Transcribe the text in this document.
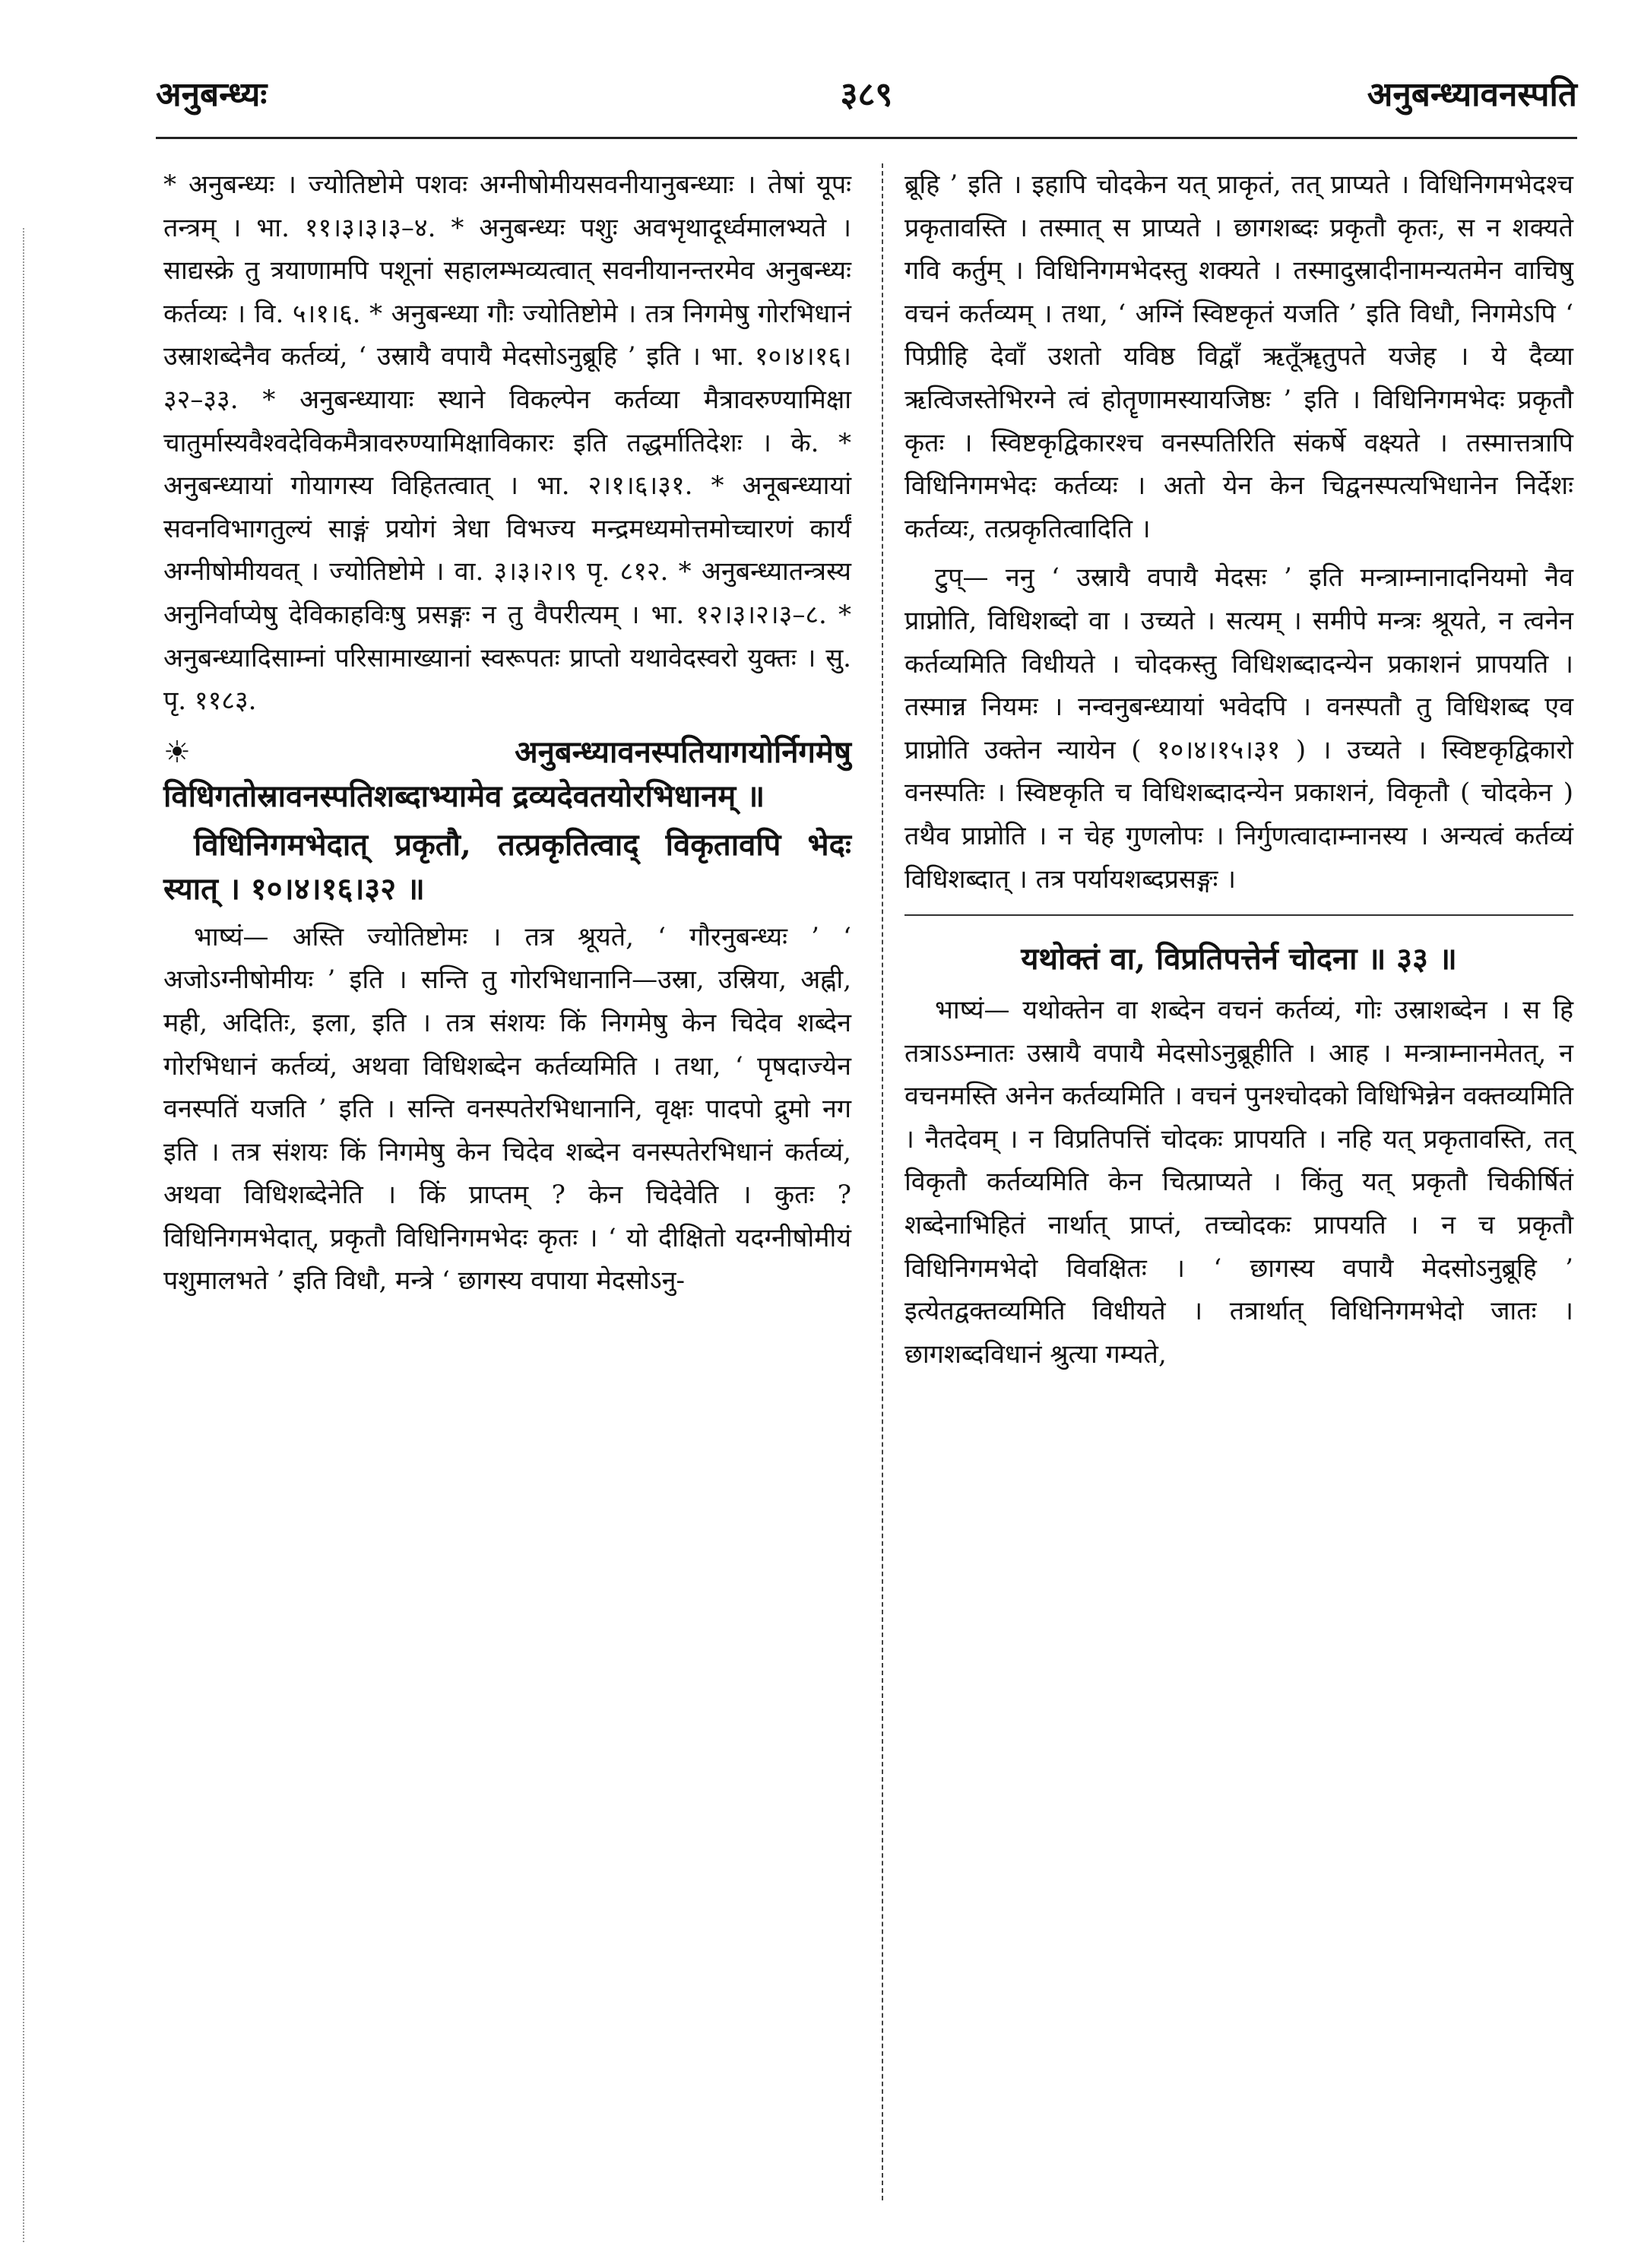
अनुबन्ध्यः	३८९	अनुबन्ध्यावनस्पति

* अनुबन्ध्यः । ज्योतिष्टोमे पशवः अग्नीषोमीयसवनीयानुबन्ध्याः । तेषां यूपः तन्त्रम् । भा. ११।३।३।३–४. * अनुबन्ध्यः पशुः अवभृथादूर्ध्वमालभ्यते । साद्यस्क्रे तु त्रयाणामपि पशूनां सहालम्भव्यत्वात् सवनीयानन्तरमेव अनुबन्ध्यः कर्तव्यः । वि. ५।१।६. * अनुबन्ध्या गौः ज्योतिष्टोमे । तत्र निगमेषु गोरभिधानं उस्राशब्देनैव कर्तव्यं, ‘ उस्रायै वपायै मेदसोऽनुब्रूहि ’ इति । भा. १०।४।१६।३२–३३. * अनुबन्ध्यायाः स्थाने विकल्पेन कर्तव्या मैत्रावरुण्यामिक्षा चातुर्मास्यवैश्वदेविकमैत्रावरुण्यामिक्षाविकारः इति तद्धर्मातिदेशः । के. * अनुबन्ध्यायां गोयागस्य विहितत्वात् । भा. २।१।६।३१. * अनूबन्ध्यायां सवनविभागतुल्यं साङ्गं प्रयोगं त्रेधा विभज्य मन्द्रमध्यमोत्तमोच्चारणं कार्यं अग्नीषोमीयवत् । ज्योतिष्टोमे । वा. ३।३।२।९ पृ. ८१२. * अनुबन्ध्यातन्त्रस्य अनुनिर्वाप्येषु देविकाहविःषु प्रसङ्गः न तु वैपरीत्यम् । भा. १२।३।२।३–८. * अनुबन्ध्यादिसाम्नां परिसामाख्यानां स्वरूपतः प्राप्तो यथावेदस्वरो युक्तः । सु. पृ. ११८३.

☀ अनुबन्ध्यावनस्पतियागयोर्निगमेषु विधिगतोस्रावनस्पतिशब्दाभ्यामेव द्रव्यदेवतयोरभिधानम् ॥
विधिनिगमभेदात् प्रकृतौ, तत्प्रकृतित्वाद् विकृतावपि भेदः स्यात् । १०।४।१६।३२ ॥

भाष्यं— अस्ति ज्योतिष्टोमः । तत्र श्रूयते, ‘ गौरनुबन्ध्यः ’ ‘ अजोऽग्नीषोमीयः ’ इति । सन्ति तु गोरभिधानानि—उस्रा, उस्रिया, अह्नी, मही, अदितिः, इला, इति । तत्र संशयः किं निगमेषु केन चिदेव शब्देन गोरभिधानं कर्तव्यं, अथवा विधिशब्देन कर्तव्यमिति । तथा, ‘ पृषदाज्येन वनस्पतिं यजति ’ इति । सन्ति वनस्पतेरभिधानानि, वृक्षः पादपो द्रुमो नग इति । तत्र संशयः किं निगमेषु केन चिदेव शब्देन वनस्पतेरभिधानं कर्तव्यं, अथवा विधिशब्देनेति । किं प्राप्तम् ? केन चिदेवेति । कुतः ? विधिनिगमभेदात्, प्रकृतौ विधिनिगमभेदः कृतः । ‘ यो दीक्षितो यदग्नीषोमीयं पशुमालभते ’ इति विधौ, मन्त्रे ‘ छागस्य वपाया मेदसोऽनु-

ब्रूहि ’ इति । इहापि चोदकेन यत् प्राकृतं, तत् प्राप्यते । विधिनिगमभेदश्च प्रकृतावस्ति । तस्मात् स प्राप्यते । छागशब्दः प्रकृतौ कृतः, स न शक्यते गवि कर्तुम् । विधिनिगमभेदस्तु शक्यते । तस्मादुस्रादीनामन्यतमेन वाचिषु वचनं कर्तव्यम् । तथा, ‘ अग्निं स्विष्टकृतं यजति ’ इति विधौ, निगमेऽपि ‘ पिप्रीहि देवाँ उशतो यविष्ठ विद्वाँ ऋतूँॠतुपते यजेह । ये दैव्या ऋत्विजस्तेभिरग्ने त्वं होतॄणामस्यायजिष्ठः ’ इति । विधिनिगमभेदः प्रकृतौ कृतः । स्विष्टकृद्विकारश्च वनस्पतिरिति संकर्षे वक्ष्यते । तस्मात्तत्रापि विधिनिगमभेदः कर्तव्यः । अतो येन केन चिद्वनस्पत्यभिधानेन निर्देशः कर्तव्यः, तत्प्रकृतित्वादिति ।

टुप्— ननु ‘ उस्रायै वपायै मेदसः ’ इति मन्त्राम्नानादनियमो नैव प्राप्नोति, विधिशब्दो वा । उच्यते । सत्यम् । समीपे मन्त्रः श्रूयते, न त्वनेन कर्तव्यमिति विधीयते । चोदकस्तु विधिशब्दादन्येन प्रकाशनं प्रापयति । तस्मान्न नियमः । नन्वनुबन्ध्यायां भवेदपि । वनस्पतौ तु विधिशब्द एव प्राप्नोति उक्तेन न्यायेन ( १०।४।१५।३१ ) । उच्यते । स्विष्टकृद्विकारो वनस्पतिः । स्विष्टकृति च विधिशब्दादन्येन प्रकाशनं, विकृतौ ( चोदकेन ) तथैव प्राप्नोति । न चेह गुणलोपः । निर्गुणत्वादाम्नानस्य । अन्यत्वं कर्तव्यं विधिशब्दात् । तत्र पर्यायशब्दप्रसङ्गः ।

यथोक्तं वा, विप्रतिपत्तेर्न चोदना ॥ ३३ ॥

भाष्यं— यथोक्तेन वा शब्देन वचनं कर्तव्यं, गोः उस्राशब्देन । स हि तत्राऽऽम्नातः उस्रायै वपायै मेदसोऽनुब्रूहीति । आह । मन्त्राम्नानमेतत्, न वचनमस्ति अनेन कर्तव्यमिति । वचनं पुनश्चोदको विधिभिन्नेन वक्तव्यमिति । नैतदेवम् । न विप्रतिपत्तिं चोदकः प्रापयति । नहि यत् प्रकृतावस्ति, तत् विकृतौ कर्तव्यमिति केन चित्प्राप्यते । किंतु यत् प्रकृतौ चिकीर्षितं शब्देनाभिहितं नार्थात् प्राप्तं, तच्चोदकः प्रापयति । न च प्रकृतौ विधिनिगमभेदो विवक्षितः । ‘ छागस्य वपायै मेदसोऽनुब्रूहि ’ इत्येतद्वक्तव्यमिति विधीयते । तत्रार्थात् विधिनिगमभेदो जातः । छागशब्दविधानं श्रुत्या गम्यते,
